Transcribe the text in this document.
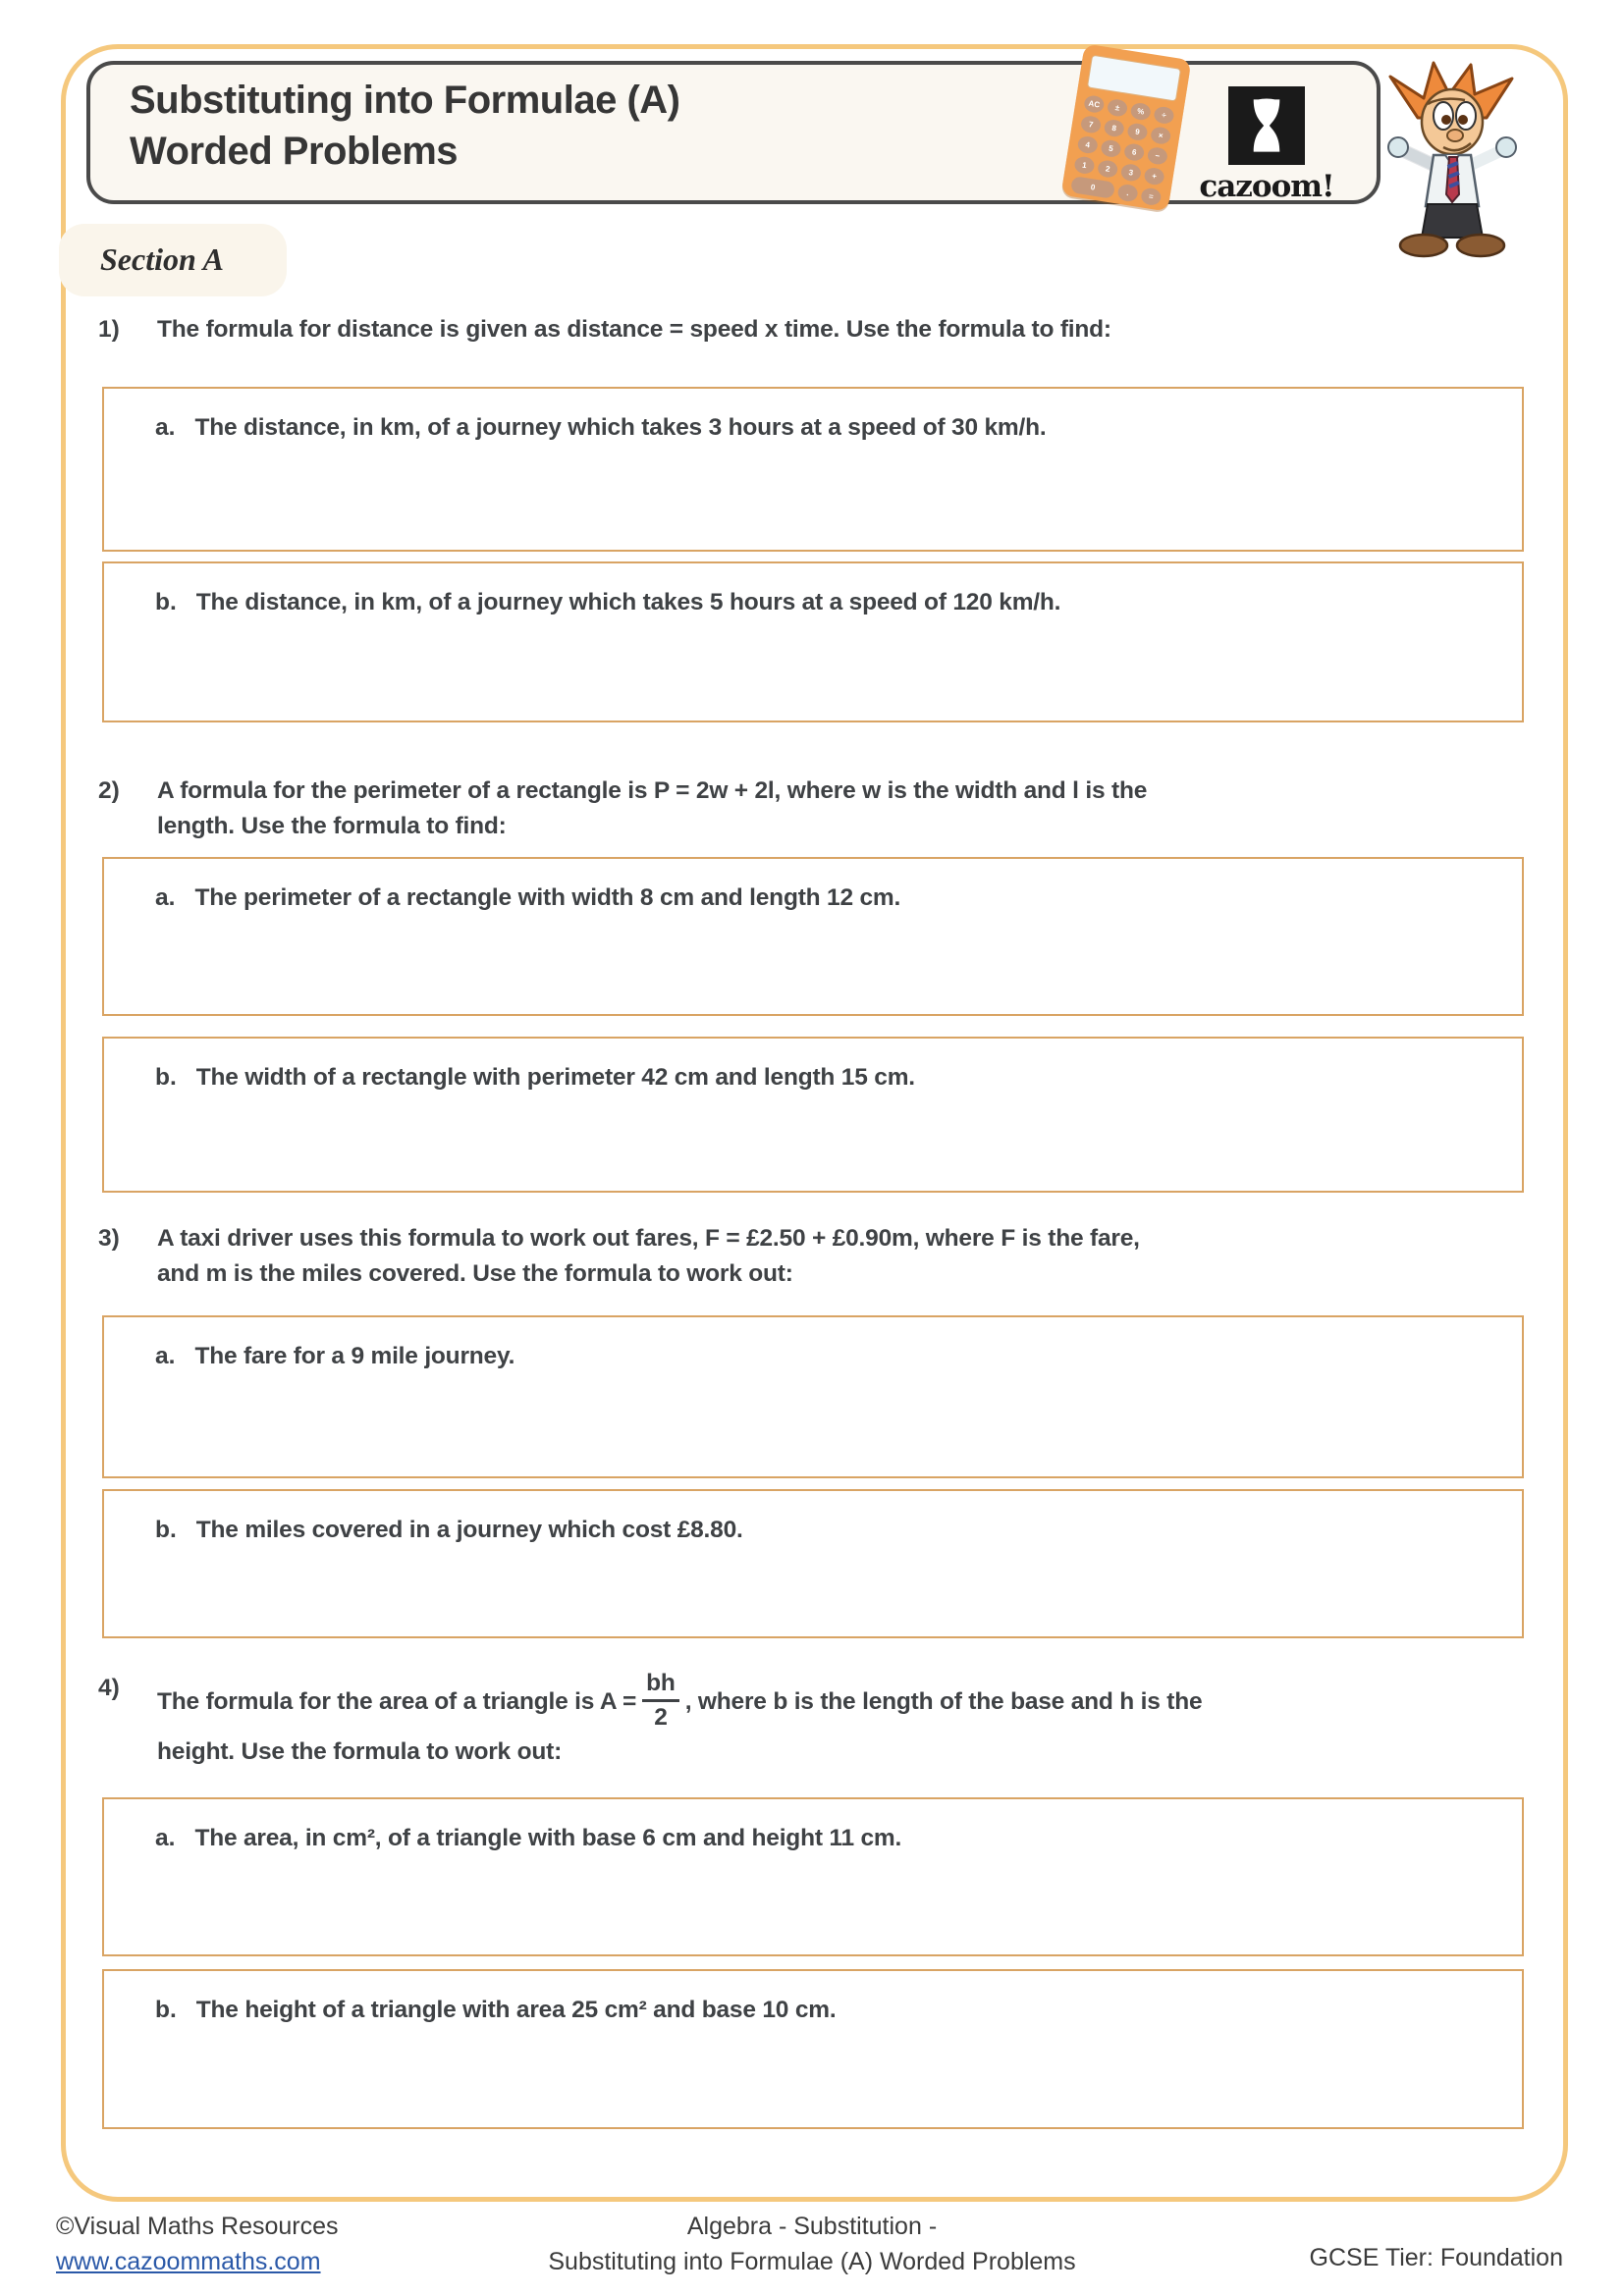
Substituting into Formulae (A)
Worded Problems
AC	±	%	÷
7	8	9	×
4	5	6	−
1	2	3	+
0
.	= cazoom!
Section A
1)	The formula for distance is given as distance = speed x time. Use the formula to find:
a. The distance, in km, of a journey which takes 3 hours at a speed of 30 km/h.
b. The distance, in km, of a journey which takes 5 hours at a speed of 120 km/h.
2)	A formula for the perimeter of a rectangle is P = 2w + 2l, where w is the width and l is the
length. Use the formula to find:
a. The perimeter of a rectangle with width 8 cm and length 12 cm.
b. The width of a rectangle with perimeter 42 cm and length 15 cm.
3)	A taxi driver uses this formula to work out fares, F = £2.50 + £0.90m, where F is the fare,
and m is the miles covered. Use the formula to work out:
a. The fare for a 9 mile journey.
b. The miles covered in a journey which cost £8.80.
4)
The formula for the area of a triangle is $A = \frac{bh}{2}$ , where b is the length of the base and h is the
height. Use the formula to work out:
a. The area, in cm², of a triangle with base 6 cm and height 11 cm.
b. The height of a triangle with area 25 cm² and base 10 cm.
©Visual Maths Resources
www.cazoommaths.com
Algebra - Substitution -
Substituting into Formulae (A) Worded Problems	GCSE Tier: Foundation
